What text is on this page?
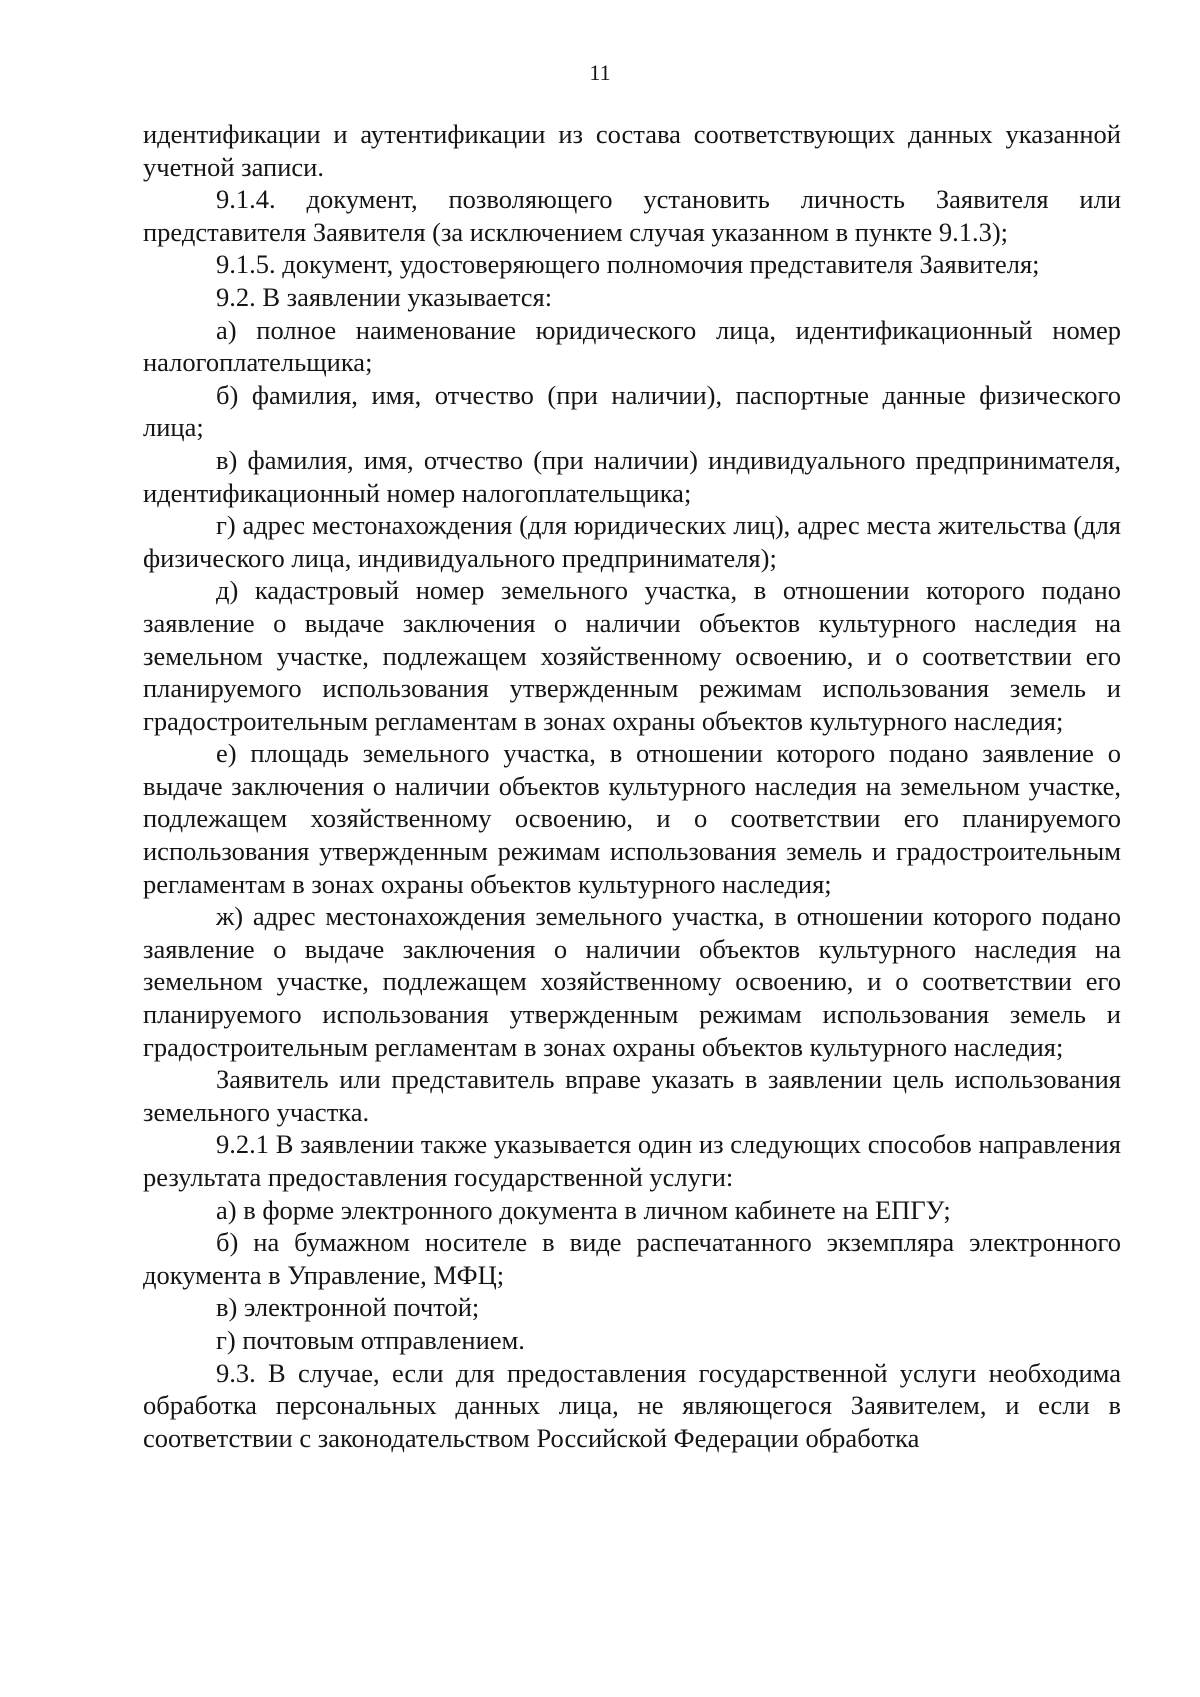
11

идентификации и аутентификации из состава соответствующих данных указанной учетной записи.

9.1.4. документ, позволяющего установить личность Заявителя или представителя Заявителя (за исключением случая указанном в пункте 9.1.3);

9.1.5. документ, удостоверяющего полномочия представителя Заявителя;

9.2. В заявлении указывается:

а) полное наименование юридического лица, идентификационный номер налогоплательщика;

б) фамилия, имя, отчество (при наличии), паспортные данные физического лица;

в) фамилия, имя, отчество (при наличии) индивидуального предпринимателя, идентификационный номер налогоплательщика;

г) адрес местонахождения (для юридических лиц), адрес места жительства (для физического лица, индивидуального предпринимателя);

д) кадастровый номер земельного участка, в отношении которого подано заявление о выдаче заключения о наличии объектов культурного наследия на земельном участке, подлежащем хозяйственному освоению, и о соответствии его планируемого использования утвержденным режимам использования земель и градостроительным регламентам в зонах охраны объектов культурного наследия;

е) площадь земельного участка, в отношении которого подано заявление о выдаче заключения о наличии объектов культурного наследия на земельном участке, подлежащем хозяйственному освоению, и о соответствии его планируемого использования утвержденным режимам использования земель и градостроительным регламентам в зонах охраны объектов культурного наследия;

ж) адрес местонахождения земельного участка, в отношении которого подано заявление о выдаче заключения о наличии объектов культурного наследия на земельном участке, подлежащем хозяйственному освоению, и о соответствии его планируемого использования утвержденным режимам использования земель и градостроительным регламентам в зонах охраны объектов культурного наследия;

Заявитель или представитель вправе указать в заявлении цель использования земельного участка.

9.2.1 В заявлении также указывается один из следующих способов направления результата предоставления государственной услуги:

а) в форме электронного документа в личном кабинете на ЕПГУ;

б) на бумажном носителе в виде распечатанного экземпляра электронного документа в Управление, МФЦ;

в) электронной почтой;

г) почтовым отправлением.

9.3. В случае, если для предоставления государственной услуги необходима обработка персональных данных лица, не являющегося Заявителем, и если в соответствии с законодательством Российской Федерации обработка
